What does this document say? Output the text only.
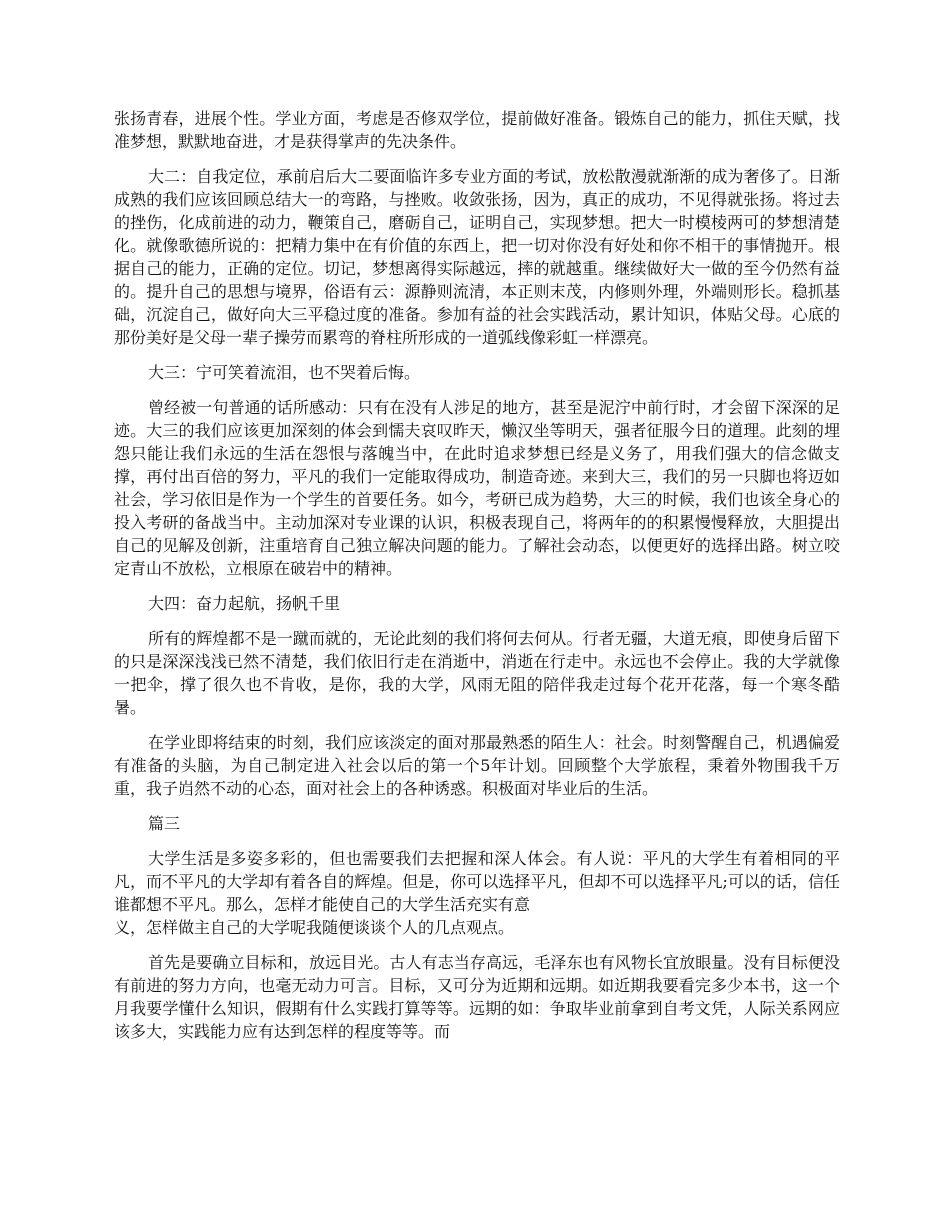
张扬青春，进展个性。学业方面，考虑是否修双学位，提前做好准备。锻炼自己的能力，抓住天赋，找准梦想，默默地奋进，才是获得掌声的先决条件。

大二：自我定位，承前启后大二要面临许多专业方面的考试，放松散漫就渐渐的成为奢侈了。日渐成熟的我们应该回顾总结大一的弯路，与挫败。收敛张扬，因为，真正的成功，不见得就张扬。将过去的挫伤，化成前进的动力，鞭策自己，磨砺自己，证明自己，实现梦想。把大一时模棱两可的梦想清楚化。就像歌德所说的：把精力集中在有价值的东西上，把一切对你没有好处和你不相干的事情抛开。根据自己的能力，正确的定位。切记，梦想离得实际越远，摔的就越重。继续做好大一做的至今仍然有益的。提升自己的思想与境界，俗语有云：源静则流清，本正则末茂，内修则外理，外端则形长。稳抓基础，沉淀自己，做好向大三平稳过度的准备。参加有益的社会实践活动，累计知识，体贴父母。心底的那份美好是父母一辈子操劳而累弯的脊柱所形成的一道弧线像彩虹一样漂亮。

大三：宁可笑着流泪，也不哭着后悔。

曾经被一句普通的话所感动：只有在没有人涉足的地方，甚至是泥泞中前行时，才会留下深深的足迹。大三的我们应该更加深刻的体会到懦夫哀叹昨天，懒汉坐等明天，强者征服今日的道理。此刻的埋怨只能让我们永远的生活在怨恨与落魄当中，在此时追求梦想已经是义务了，用我们强大的信念做支撑，再付出百倍的努力，平凡的我们一定能取得成功，制造奇迹。来到大三，我们的另一只脚也将迈如社会，学习依旧是作为一个学生的首要任务。如今，考研已成为趋势，大三的时候，我们也该全身心的投入考研的备战当中。主动加深对专业课的认识，积极表现自己，将两年的的积累慢慢释放，大胆提出自己的见解及创新，注重培育自己独立解决问题的能力。了解社会动态，以便更好的选择出路。树立咬定青山不放松，立根原在破岩中的精神。

大四：奋力起航，扬帆千里

所有的辉煌都不是一蹴而就的，无论此刻的我们将何去何从。行者无疆，大道无痕，即使身后留下的只是深深浅浅已然不清楚，我们依旧行走在消逝中，消逝在行走中。永远也不会停止。我的大学就像一把伞，撑了很久也不肯收，是你，我的大学，风雨无阻的陪伴我走过每个花开花落，每一个寒冬酷暑。

在学业即将结束的时刻，我们应该淡定的面对那最熟悉的陌生人：社会。时刻警醒自己，机遇偏爱有准备的头脑，为自己制定进入社会以后的第一个5年计划。回顾整个大学旅程，秉着外物围我千万重，我子岿然不动的心态，面对社会上的各种诱惑。积极面对毕业后的生活。

篇三

大学生活是多姿多彩的，但也需要我们去把握和深人体会。有人说：平凡的大学生有着相同的平凡，而不平凡的大学却有着各自的辉煌。但是，你可以选择平凡，但却不可以选择平凡;可以的话，信任谁都想不平凡。那么，怎样才能使自己的大学生活充实有意
义，怎样做主自己的大学呢我随便谈谈个人的几点观点。

首先是要确立目标和，放远目光。古人有志当存高远，毛泽东也有风物长宜放眼量。没有目标便没有前进的努力方向，也毫无动力可言。目标，又可分为近期和远期。如近期我要看完多少本书，这一个月我要学懂什么知识，假期有什么实践打算等等。远期的如：争取毕业前拿到自考文凭，人际关系网应该多大，实践能力应有达到怎样的程度等等。而
